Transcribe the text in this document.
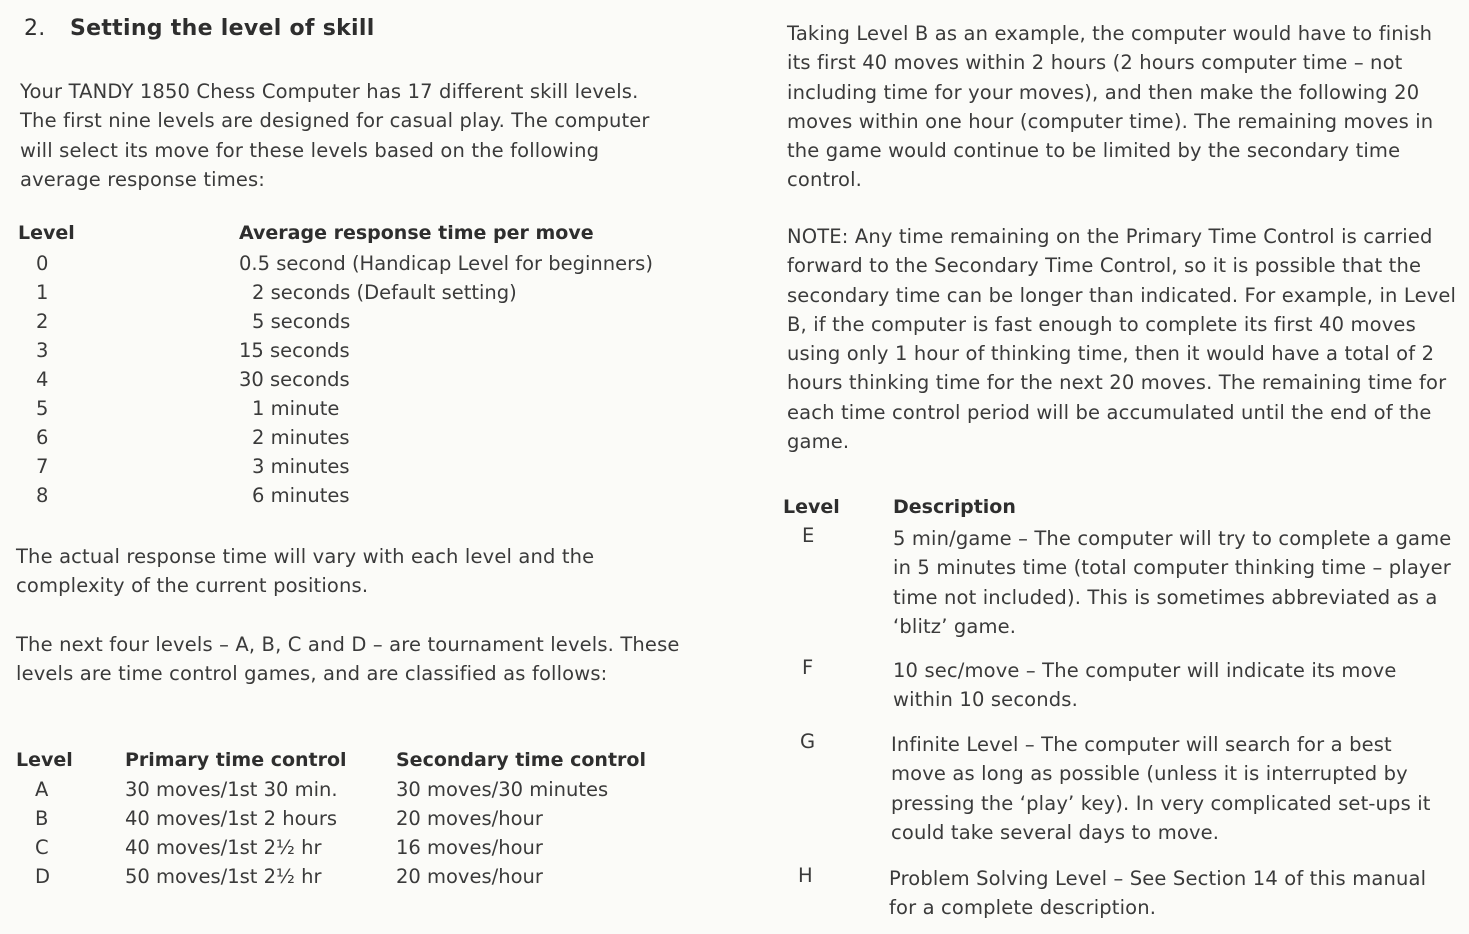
2. Setting the level of skill

Your TANDY 1850 Chess Computer has 17 different skill levels. The first nine levels are designed for casual play. The computer will select its move for these levels based on the following average response times:

Level	Average response time per move
0	0.5 second (Handicap Level for beginners)
1	2 seconds (Default setting)
2	5 seconds
3	15 seconds
4	30 seconds
5	1 minute
6	2 minutes
7	3 minutes
8	6 minutes

The actual response time will vary with each level and the complexity of the current positions.

The next four levels – A, B, C and D – are tournament levels. These levels are time control games, and are classified as follows:

Level	Primary time control	Secondary time control
A	30 moves/1st 30 min.	30 moves/30 minutes
B	40 moves/1st 2 hours	20 moves/hour
C	40 moves/1st 2½ hr	16 moves/hour
D	50 moves/1st 2½ hr	20 moves/hour

Taking Level B as an example, the computer would have to finish its first 40 moves within 2 hours (2 hours computer time – not including time for your moves), and then make the following 20 moves within one hour (computer time). The remaining moves in the game would continue to be limited by the secondary time control.

NOTE: Any time remaining on the Primary Time Control is carried forward to the Secondary Time Control, so it is possible that the secondary time can be longer than indicated. For example, in Level B, if the computer is fast enough to complete its first 40 moves using only 1 hour of thinking time, then it would have a total of 2 hours thinking time for the next 20 moves. The remaining time for each time control period will be accumulated until the end of the game.

Level	Description
E	5 min/game – The computer will try to complete a game in 5 minutes time (total computer thinking time – player time not included). This is sometimes abbreviated as a ‘blitz’ game.

F	10 sec/move – The computer will indicate its move within 10 seconds.

G	Infinite Level – The computer will search for a best move as long as possible (unless it is interrupted by pressing the ‘play’ key). In very complicated set-ups it could take several days to move.

H	Problem Solving Level – See Section 14 of this manual for a complete description.
